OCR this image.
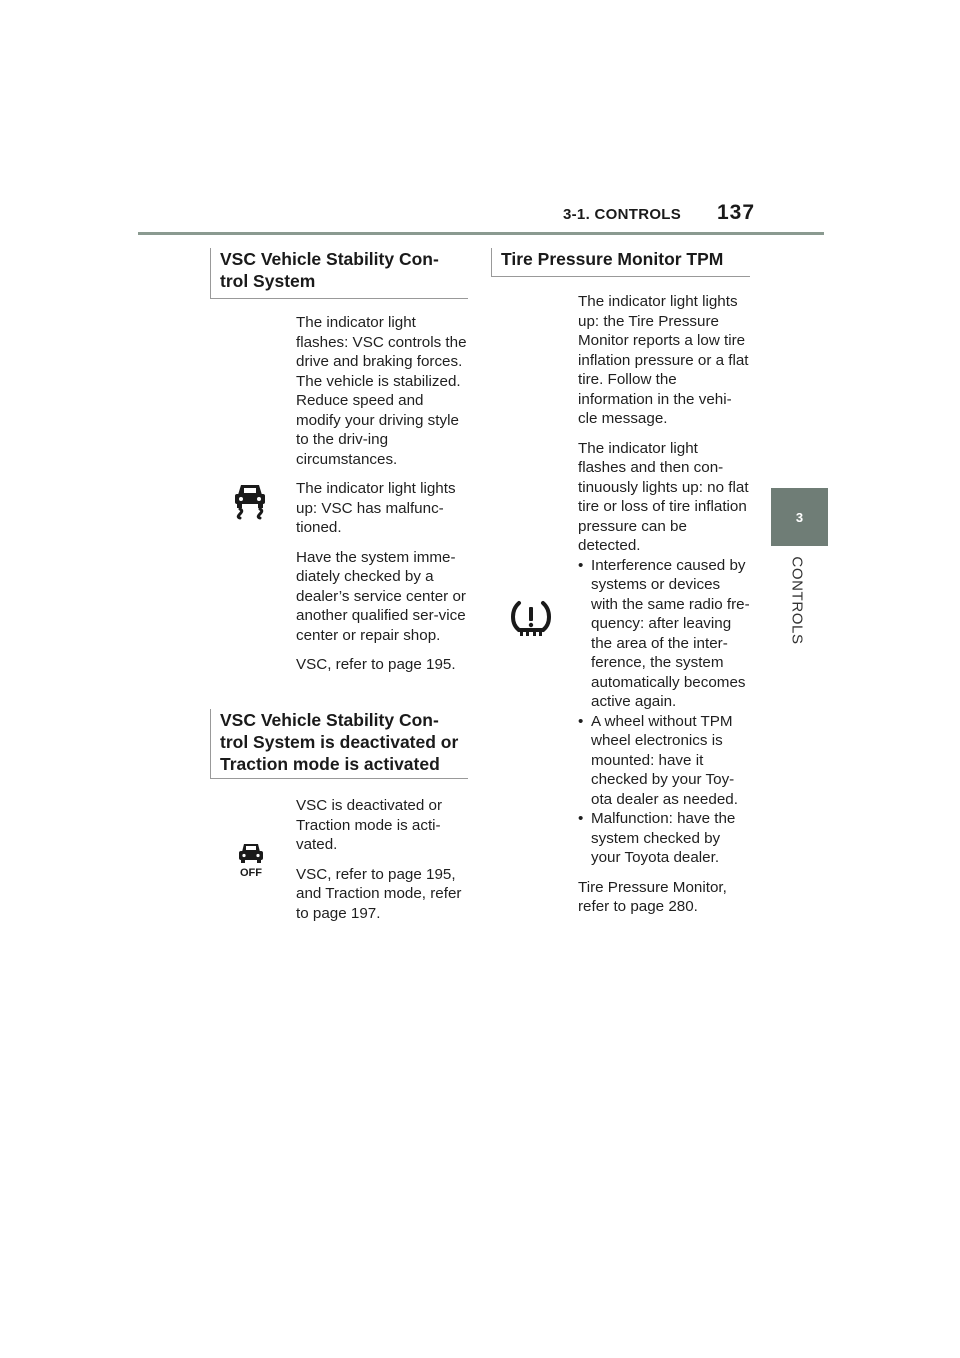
3-1. CONTROLS 137
3
CONTROLS
VSC Vehicle Stability Con-
trol System

The indicator light flashes: VSC controls the drive and braking forces. The vehicle is stabilized. Reduce speed and modify your driving style to the driv-ing circumstances.

The indicator light lights up: VSC has malfunc-tioned.

Have the system imme-diately checked by a dealer’s service center or another qualified ser-vice center or repair shop.

VSC, refer to page 195.

VSC Vehicle Stability Con-
trol System is deactivated or
Traction mode is activated
OFF

VSC is deactivated or Traction mode is acti-vated.

VSC, refer to page 195, and Traction mode, refer to page 197.

Tire Pressure Monitor TPM

The indicator light lights up: the Tire Pressure Monitor reports a low tire inflation pressure or a flat tire. Follow the information in the vehi-cle message.

The indicator light flashes and then con-tinuously lights up: no flat tire or loss of tire inflation pressure can be detected.

• Interference caused by systems or devices with the same radio fre-quency: after leaving the area of the inter-ference, the system automatically becomes active again.
• A wheel without TPM wheel electronics is mounted: have it checked by your Toy-ota dealer as needed.
• Malfunction: have the system checked by your Toyota dealer.

Tire Pressure Monitor, refer to page 280.
